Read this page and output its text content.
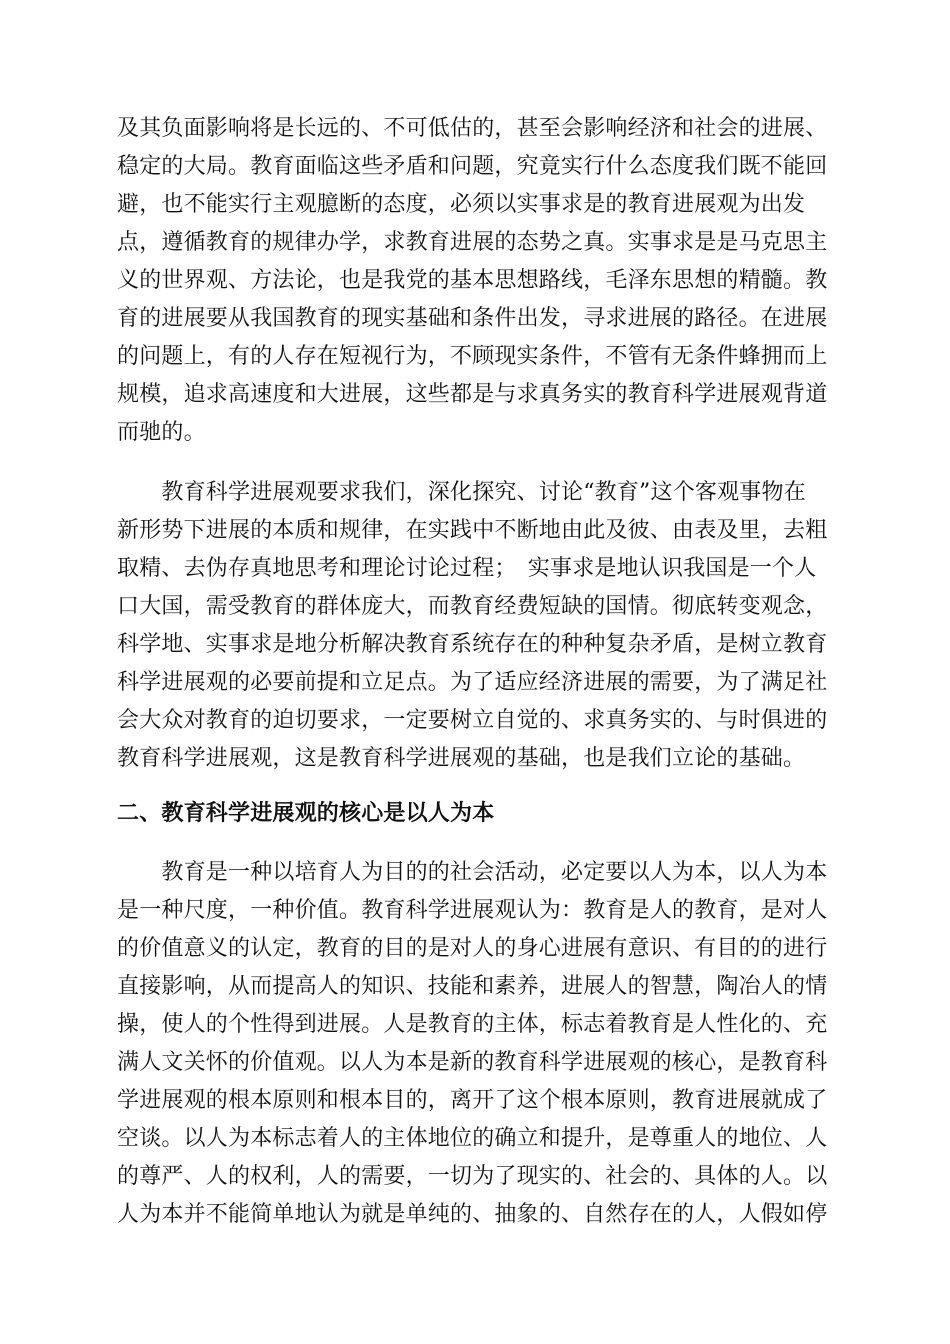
及其负面影响将是长远的、不可低估的，甚至会影响经济和社会的进展、
稳定的大局。教育面临这些矛盾和问题，究竟实行什么态度我们既不能回
避，也不能实行主观臆断的态度，必须以实事求是的教育进展观为出发
点，遵循教育的规律办学，求教育进展的态势之真。实事求是是马克思主
义的世界观、方法论，也是我党的基本思想路线，毛泽东思想的精髓。教
育的进展要从我国教育的现实基础和条件出发，寻求进展的路径。在进展
的问题上，有的人存在短视行为，不顾现实条件，不管有无条件蜂拥而上
规模，追求高速度和大进展，这些都是与求真务实的教育科学进展观背道
而驰的。
　　教育科学进展观要求我们，深化探究、讨论“教育”这个客观事物在
新形势下进展的本质和规律，在实践中不断地由此及彼、由表及里，去粗
取精、去伪存真地思考和理论讨论过程；　实事求是地认识我国是一个人
口大国，需受教育的群体庞大，而教育经费短缺的国情。彻底转变观念，
科学地、实事求是地分析解决教育系统存在的种种复杂矛盾，是树立教育
科学进展观的必要前提和立足点。为了适应经济进展的需要，为了满足社
会大众对教育的迫切要求，一定要树立自觉的、求真务实的、与时俱进的
教育科学进展观，这是教育科学进展观的基础，也是我们立论的基础。
二、教育科学进展观的核心是以人为本
　　教育是一种以培育人为目的的社会活动，必定要以人为本，以人为本
是一种尺度，一种价值。教育科学进展观认为：教育是人的教育，是对人
的价值意义的认定，教育的目的是对人的身心进展有意识、有目的的进行
直接影响，从而提高人的知识、技能和素养，进展人的智慧，陶冶人的情
操，使人的个性得到进展。人是教育的主体，标志着教育是人性化的、充
满人文关怀的价值观。以人为本是新的教育科学进展观的核心，是教育科
学进展观的根本原则和根本目的，离开了这个根本原则，教育进展就成了
空谈。以人为本标志着人的主体地位的确立和提升，是尊重人的地位、人
的尊严、人的权利，人的需要，一切为了现实的、社会的、具体的人。以
人为本并不能简单地认为就是单纯的、抽象的、自然存在的人，人假如停
